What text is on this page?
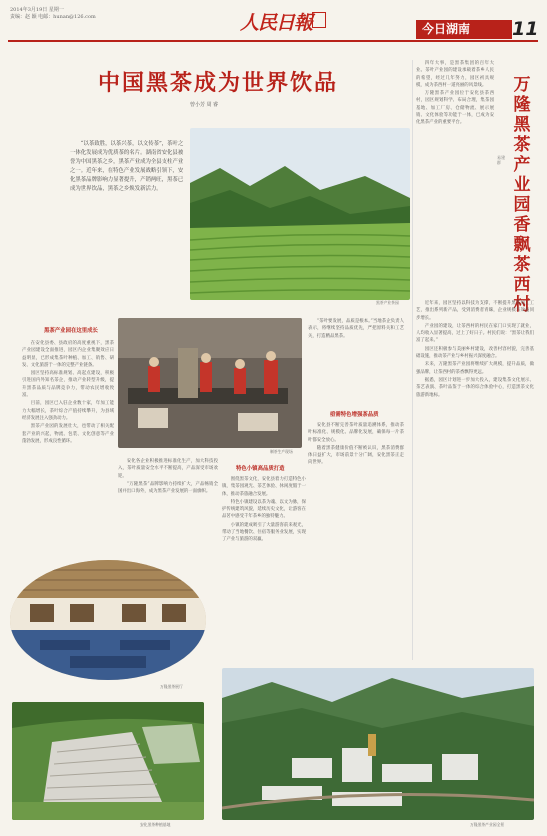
2014年3月19日 星期一
责编：赵 颖 电邮：hunan@126.com	人民日報	今日湖南	11
中国黑茶成为世界饮品
曾小芳 周 睿
“以茶致胜，以茶兴茶，以文传茶”，茶叶之一体化发展成为优质茶的名片。湖南省安化县被誉为中国黑茶之乡，黑茶产业成为全县支柱产业之一。近年来，在特色产业发展战略引领下，安化黑茶品牌影响力显著提升，产销两旺，黑茶已成为世界饮品，黑茶之乡焕发新活力。
黑茶产业茶园
黑茶产业园在这里成长

在安化县委、县政府的高度重视下，黑茶产业园建设全面推进，园区内企业集聚效应日益明显，已形成集茶叶种植、加工、销售、研发、文化旅游于一体的完整产业链条。

园区坚持高标准规划、高起点建设，积极引进国内外知名茶企，推动产业转型升级，提升黑茶品质与品牌竞争力，带动农民增收致富。

目前，园区已入驻企业数十家，年加工能力大幅增长，茶叶综合产值持续攀升，为县域经济发展注入强劲动力。

黑茶产业园的发展壮大，也带动了相关配套产业的兴起，物流、包装、文化创意等产业蓬勃发展，形成良性循环。

制茶生产现场

安化各企业积极推进标准化生产，加大科技投入，茶叶质量安全水平不断提高，产品深受市场欢迎。

“万隆黑茶”品牌影响力持续扩大，产品畅销全国并出口海外，成为黑茶产业发展的一面旗帜。

特色小镇高品质打造

围绕黑茶文化，安化县着力打造特色小镇，集茶园观光、茶艺体验、休闲度假于一体，推动茶旅融合发展。

特色小镇建设以茶为魂、以文为脉，保护传统建筑风貌，延续历史文化，让游客在品茗中感受千年茶乡的独特魅力。

小镇的建成吸引了大量游客前来观光，带动了当地餐饮、住宿等服务业发展，实现了产业与旅游的双赢。

“茶叶要发展，品质是根本。”当地茶企负责人表示，将继续坚持品质优先，严把原料关和工艺关，打造精品黑茶。

亟需特色增强茶品质

安化县不断完善茶叶质量追溯体系，推动茶叶标准化、规模化、品牌化发展，确保每一片茶叶都安全放心。

随着黑茶健康价值不断被认识，黑茶消费群体日益扩大，市场前景十分广阔，安化黑茶正走向世界。

万隆黑茶展厅
安化黑茶种植基地	万隆黑茶产业园全景
万隆黑茶产业园香飘茶西村
易建群

四年大事，是黑茶集团的百年大业。茶叶产业园的建设承载着茶乡人民的希望，经过几年努力，园区初具规模，成为茶西村一道亮丽的风景线。

万隆黑茶产业园位于安化县茶西村，园区规划科学、布局合理，集茶园基地、加工厂房、仓储物流、展示展销、文化体验等功能于一体，已成为安化黑茶产业的重要平台。

近年来，园区坚持以科技为支撑，不断提升黑茶加工工艺，推出系列新产品，受到消费者青睐，企业规模与效益同步增长。

产业园的建设，让茶西村的村民在家门口实现了就业，人均收入显著提高，过上了好日子。村民们说：“黑茶让我们富了起来。”

园区还积极参与美丽乡村建设，改善村容村貌，完善基础设施，推动茶产业与乡村振兴深度融合。

未来，万隆黑茶产业园将继续扩大规模，提升品质，做强品牌，让茶西村的茶香飘得更远。

据悉，园区计划进一步加大投入，建设集茶文化展示、茶艺表演、茶叶品鉴于一体的综合体验中心，打造黑茶文化旅游新地标。
